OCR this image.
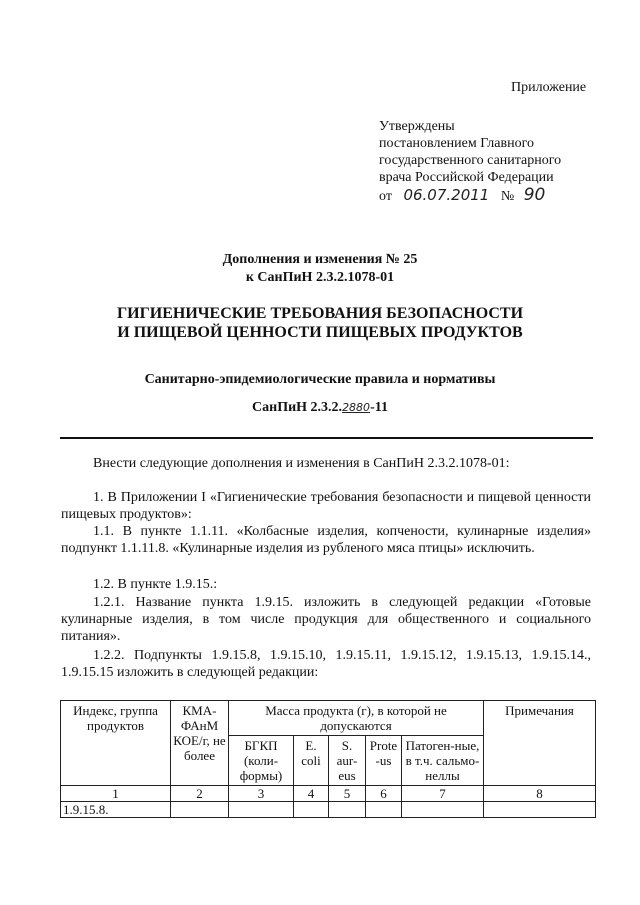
Приложение
Утверждены
постановлением Главного
государственного санитарного
врача Российской Федерации
от 06.07.2011 № 90
Дополнения и изменения № 25
к СанПиН 2.3.2.1078-01
ГИГИЕНИЧЕСКИЕ ТРЕБОВАНИЯ БЕЗОПАСНОСТИ
И ПИЩЕВОЙ ЦЕННОСТИ ПИЩЕВЫХ ПРОДУКТОВ
Санитарно-эпидемиологические правила и нормативы
СанПиН 2.3.2.2880-11
Внести следующие дополнения и изменения в СанПиН 2.3.2.1078-01:
1. В Приложении I «Гигиенические требования безопасности и пищевой ценности пищевых продуктов»:
1.1. В пункте 1.1.11. «Колбасные изделия, копчености, кулинарные изделия» подпункт 1.1.11.8. «Кулинарные изделия из рубленого мяса птицы» исключить.
1.2. В пункте 1.9.15.:
1.2.1. Название пункта 1.9.15. изложить в следующей редакции «Готовые кулинарные изделия, в том числе продукция для общественного и социального питания».
1.2.2. Подпункты 1.9.15.8, 1.9.15.10, 1.9.15.11, 1.9.15.12, 1.9.15.13, 1.9.15.14., 1.9.15.15 изложить в следующей редакции:
Индекс, группа продуктов	КМА-ФАнМ КОЕ/г, не более	Масса продукта (г), в которой не допускаются					Примечания
		БГКП (коли-формы)	E. coli	S. aur-eus	Prote -us	Патоген-ные, в т.ч. сальмо-неллы	
1	2	3	4	5	6	7	8
1.9.15.8.							
